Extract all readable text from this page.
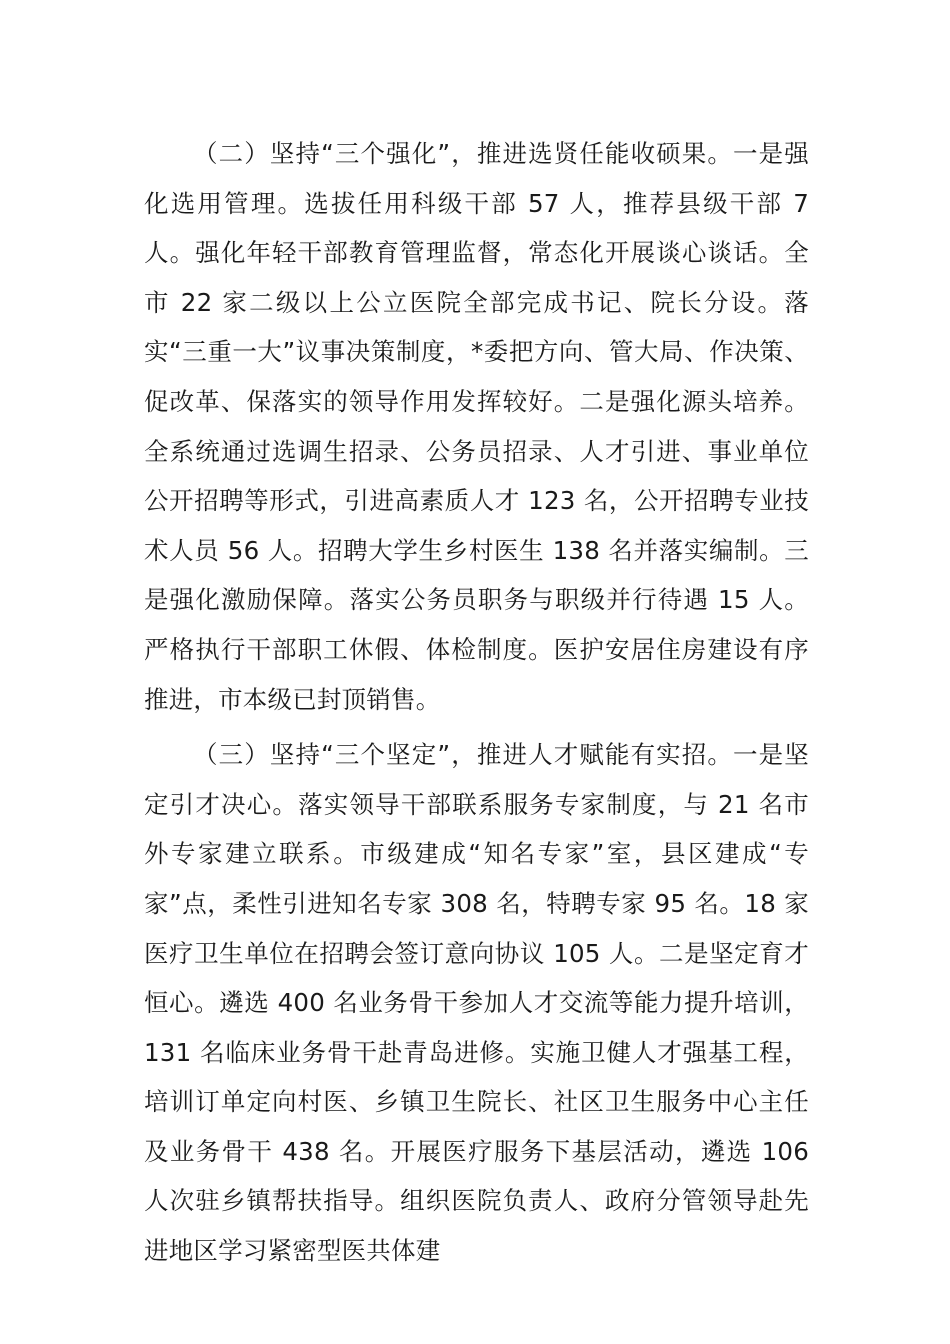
（二）坚持“三个强化”，推进选贤任能收硕果。一是强化选用管理。选拔任用科级干部 57 人，推荐县级干部 7 人。强化年轻干部教育管理监督，常态化开展谈心谈话。全市 22 家二级以上公立医院全部完成书记、院长分设。落实“三重一大”议事决策制度，*委把方向、管大局、作决策、促改革、保落实的领导作用发挥较好。二是强化源头培养。全系统通过选调生招录、公务员招录、人才引进、事业单位公开招聘等形式，引进高素质人才 123 名，公开招聘专业技术人员 56 人。招聘大学生乡村医生 138 名并落实编制。三是强化激励保障。落实公务员职务与职级并行待遇 15 人。严格执行干部职工休假、体检制度。医护安居住房建设有序推进，市本级已封顶销售。

（三）坚持“三个坚定”，推进人才赋能有实招。一是坚定引才决心。落实领导干部联系服务专家制度，与 21 名市外专家建立联系。市级建成“知名专家”室，县区建成“专家”点，柔性引进知名专家 308 名，特聘专家 95 名。18 家医疗卫生单位在招聘会签订意向协议 105 人。二是坚定育才恒心。遴选 400 名业务骨干参加人才交流等能力提升培训，131 名临床业务骨干赴青岛进修。实施卫健人才强基工程，培训订单定向村医、乡镇卫生院长、社区卫生服务中心主任及业务骨干 438 名。开展医疗服务下基层活动，遴选 106 人次驻乡镇帮扶指导。组织医院负责人、政府分管领导赴先进地区学习紧密型医共体建
